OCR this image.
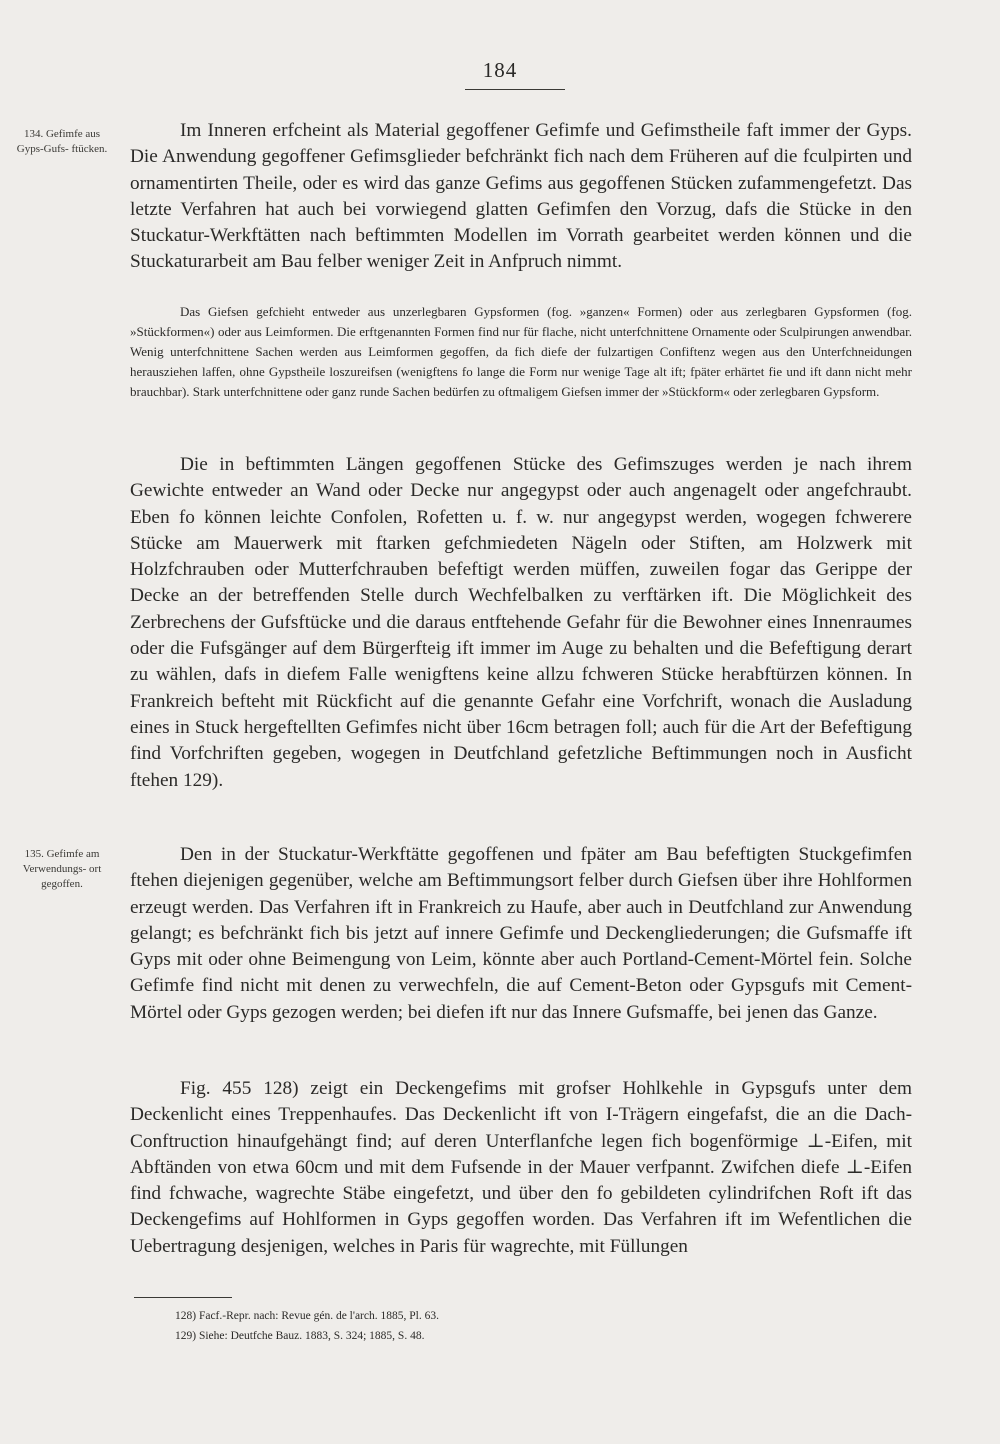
184
134. Gefimfe aus Gyps-Gufs- ftücken.
135. Gefimfe am Verwendungs- ort gegoffen.

Im Inneren erfcheint als Material gegoffener Gefimfe und Gefimstheile faft immer der Gyps. Die Anwendung gegoffener Gefimsglieder befchränkt fich nach dem Früheren auf die fculpirten und ornamentirten Theile, oder es wird das ganze Gefims aus gegoffenen Stücken zufammengefetzt. Das letzte Verfahren hat auch bei vorwiegend glatten Gefimfen den Vorzug, dafs die Stücke in den Stuckatur-Werkftätten nach beftimmten Modellen im Vorrath gearbeitet werden können und die Stuckaturarbeit am Bau felber weniger Zeit in Anfpruch nimmt.

Das Giefsen gefchieht entweder aus unzerlegbaren Gypsformen (fog. »ganzen« Formen) oder aus zerlegbaren Gypsformen (fog. »Stückformen«) oder aus Leimformen. Die erftgenannten Formen find nur für flache, nicht unterfchnittene Ornamente oder Sculpirungen anwendbar. Wenig unterfchnittene Sachen werden aus Leimformen gegoffen, da fich diefe der fulzartigen Confiftenz wegen aus den Unterfchneidungen herausziehen laffen, ohne Gypstheile loszureifsen (wenigftens fo lange die Form nur wenige Tage alt ift; fpäter erhärtet fie und ift dann nicht mehr brauchbar). Stark unterfchnittene oder ganz runde Sachen bedürfen zu oftmaligem Giefsen immer der »Stückform« oder zerlegbaren Gypsform.

Die in beftimmten Längen gegoffenen Stücke des Gefimszuges werden je nach ihrem Gewichte entweder an Wand oder Decke nur angegypst oder auch angenagelt oder angefchraubt. Eben fo können leichte Confolen, Rofetten u. f. w. nur angegypst werden, wogegen fchwerere Stücke am Mauerwerk mit ftarken gefchmiedeten Nägeln oder Stiften, am Holzwerk mit Holzfchrauben oder Mutterfchrauben befeftigt werden müffen, zuweilen fogar das Gerippe der Decke an der betreffenden Stelle durch Wechfelbalken zu verftärken ift. Die Möglichkeit des Zerbrechens der Gufsftücke und die daraus entftehende Gefahr für die Bewohner eines Innenraumes oder die Fufsgänger auf dem Bürgerfteig ift immer im Auge zu behalten und die Befeftigung derart zu wählen, dafs in diefem Falle wenigftens keine allzu fchweren Stücke herabftürzen können. In Frankreich befteht mit Rückficht auf die genannte Gefahr eine Vorfchrift, wonach die Ausladung eines in Stuck hergeftellten Gefimfes nicht über 16cm betragen foll; auch für die Art der Befeftigung find Vorfchriften gegeben, wogegen in Deutfchland gefetzliche Beftimmungen noch in Ausficht ftehen 129).

Den in der Stuckatur-Werkftätte gegoffenen und fpäter am Bau befeftigten Stuckgefimfen ftehen diejenigen gegenüber, welche am Beftimmungsort felber durch Giefsen über ihre Hohlformen erzeugt werden. Das Verfahren ift in Frankreich zu Haufe, aber auch in Deutfchland zur Anwendung gelangt; es befchränkt fich bis jetzt auf innere Gefimfe und Deckengliederungen; die Gufsmaffe ift Gyps mit oder ohne Beimengung von Leim, könnte aber auch Portland-Cement-Mörtel fein. Solche Gefimfe find nicht mit denen zu verwechfeln, die auf Cement-Beton oder Gypsgufs mit Cement-Mörtel oder Gyps gezogen werden; bei diefen ift nur das Innere Gufsmaffe, bei jenen das Ganze.

Fig. 455 128) zeigt ein Deckengefims mit grofser Hohlkehle in Gypsgufs unter dem Deckenlicht eines Treppenhaufes. Das Deckenlicht ift von I-Trägern eingefafst, die an die Dach-Conftruction hinaufgehängt find; auf deren Unterflanfche legen fich bogenförmige ⊥-Eifen, mit Abftänden von etwa 60cm und mit dem Fufsende in der Mauer verfpannt. Zwifchen diefe ⊥-Eifen find fchwache, wagrechte Stäbe eingefetzt, und über den fo gebildeten cylindrifchen Roft ift das Deckengefims auf Hohlformen in Gyps gegoffen worden. Das Verfahren ift im Wefentlichen die Uebertragung desjenigen, welches in Paris für wagrechte, mit Füllungen

128) Facf.-Repr. nach: Revue gén. de l'arch. 1885, Pl. 63.
129) Siehe: Deutfche Bauz. 1883, S. 324; 1885, S. 48.
